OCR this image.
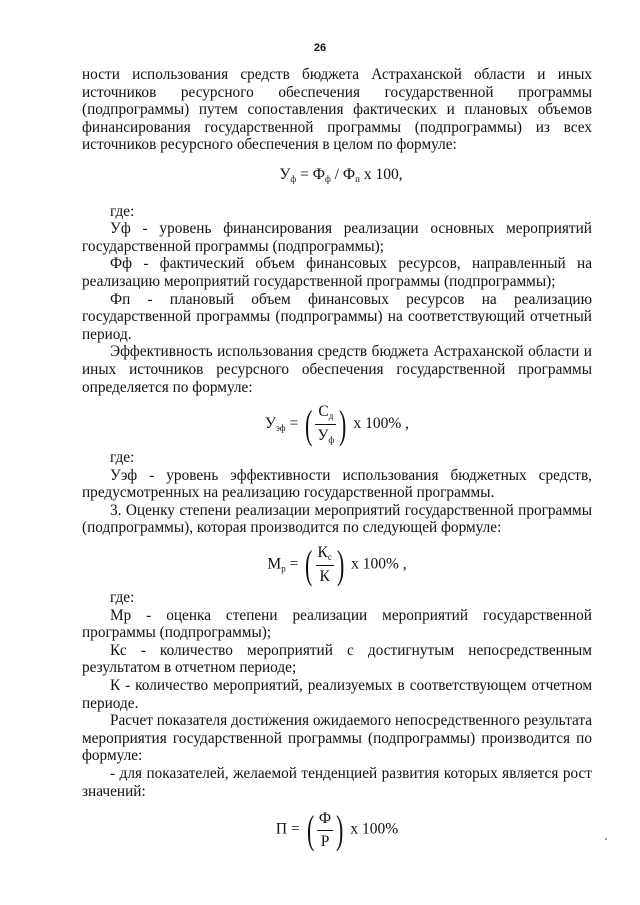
26

ности использования средств бюджета Астраханской области и иных источников ресурсного обеспечения государственной программы (подпрограммы) путем сопоставления фактических и плановых объемов финансирования государственной программы (подпрограммы) из всех источников ресурсного обеспечения в целом по формуле:

$У_ф = Ф_ф / Ф_п$ х 100,

где:

Уф - уровень финансирования реализации основных мероприятий государственной программы (подпрограммы);

Фф - фактический объем финансовых ресурсов, направленный на реализацию мероприятий государственной программы (подпрограммы);

Фп - плановый объем финансовых ресурсов на реализацию государственной программы (подпрограммы) на соответствующий отчетный период.

Эффективность использования средств бюджета Астраханской области и иных источников ресурсного обеспечения государственной программы определяется по формуле:

$У_{эф}$ = ( $\frac{С_д}{У_ф}$ ) х 100% ,

где:

Уэф - уровень эффективности использования бюджетных средств, предусмотренных на реализацию государственной программы.

3. Оценку степени реализации мероприятий государственной программы (подпрограммы), которая производится по следующей формуле:

$М_р$ = ( $\frac{К_с}{К}$ ) х 100% ,

где:

Мр - оценка степени реализации мероприятий государственной программы (подпрограммы);

Кс - количество мероприятий с достигнутым непосредственным результатом в отчетном периоде;

К - количество мероприятий, реализуемых в соответствующем отчетном периоде.

Расчет показателя достижения ожидаемого непосредственного результата мероприятия государственной программы (подпрограммы) производится по формуле:

- для показателей, желаемой тенденцией развития которых является рост значений:

П = ( $\frac{Ф}{Р}$ ) х 100%
